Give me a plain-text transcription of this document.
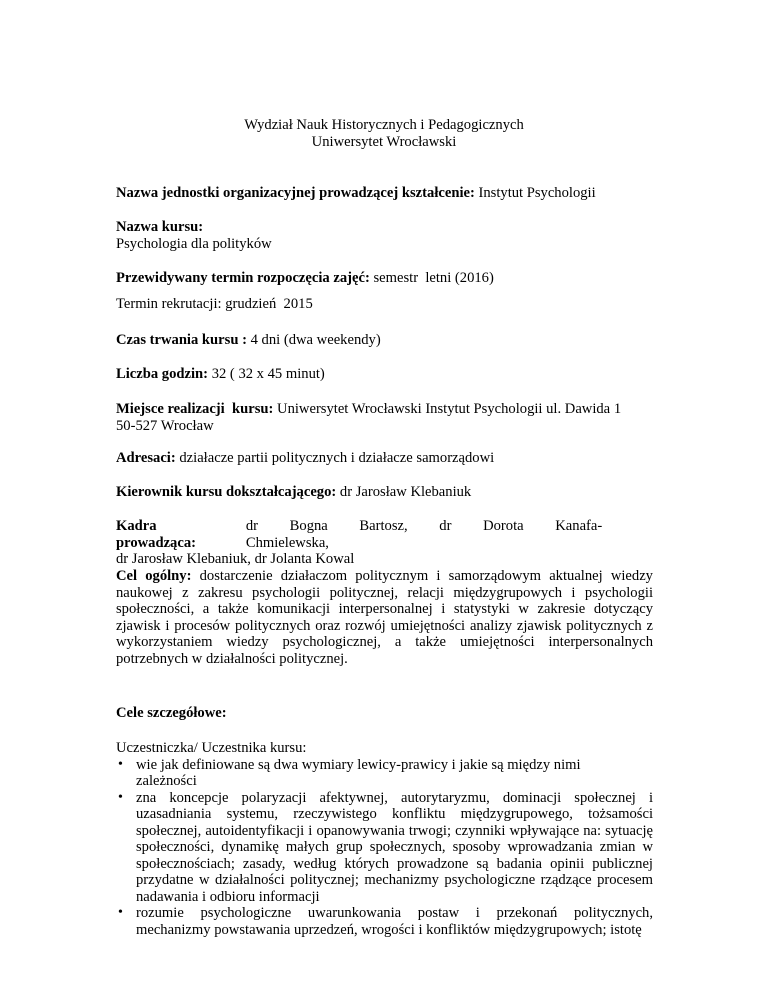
Wydział Nauk Historycznych i Pedagogicznych
Uniwersytet Wrocławski
Nazwa jednostki organizacyjnej prowadzącej kształcenie: Instytut Psychologii
Nazwa kursu:
Psychologia dla polityków
Przewidywany termin rozpoczęcia zajęć: semestr  letni (2016)
Termin rekrutacji: grudzień  2015
Czas trwania kursu : 4 dni (dwa weekendy)
Liczba godzin: 32 ( 32 x 45 minut)
Miejsce realizacji  kursu: Uniwersytet Wrocławski Instytut Psychologii ul. Dawida 1
50-527 Wrocław
Adresaci: działacze partii politycznych i działacze samorządowi
Kierownik kursu dokształcającego: dr Jarosław Klebaniuk
Kadra prowadząca:
dr Bogna Bartosz, dr Dorota Kanafa-Chmielewska,
dr Jarosław Klebaniuk, dr Jolanta Kowal
Cel ogólny: dostarczenie działaczom politycznym i samorządowym aktualnej wiedzy naukowej z zakresu psychologii politycznej, relacji międzygrupowych i psychologii społeczności, a także komunikacji interpersonalnej i statystyki w zakresie dotyczący zjawisk i procesów politycznych oraz rozwój umiejętności analizy zjawisk politycznych z wykorzystaniem wiedzy psychologicznej, a także umiejętności interpersonalnych potrzebnych w działalności politycznej.
Cele szczegółowe:
Uczestniczka/ Uczestnika kursu:
• wie jak definiowane są dwa wymiary lewicy-prawicy i jakie są między nimi zależności
• zna koncepcje polaryzacji afektywnej, autorytaryzmu, dominacji społecznej i uzasadniania systemu, rzeczywistego konfliktu międzygrupowego, tożsamości społecznej, autoidentyfikacji i opanowywania trwogi; czynniki wpływające na: sytuację społeczności, dynamikę małych grup społecznych, sposoby wprowadzania zmian w społecznościach; zasady, według których prowadzone są badania opinii publicznej przydatne w działalności politycznej; mechanizmy psychologiczne rządzące procesem nadawania i odbioru informacji
• rozumie psychologiczne uwarunkowania postaw i przekonań politycznych, mechanizmy powstawania uprzedzeń, wrogości i konfliktów międzygrupowych; istotę
